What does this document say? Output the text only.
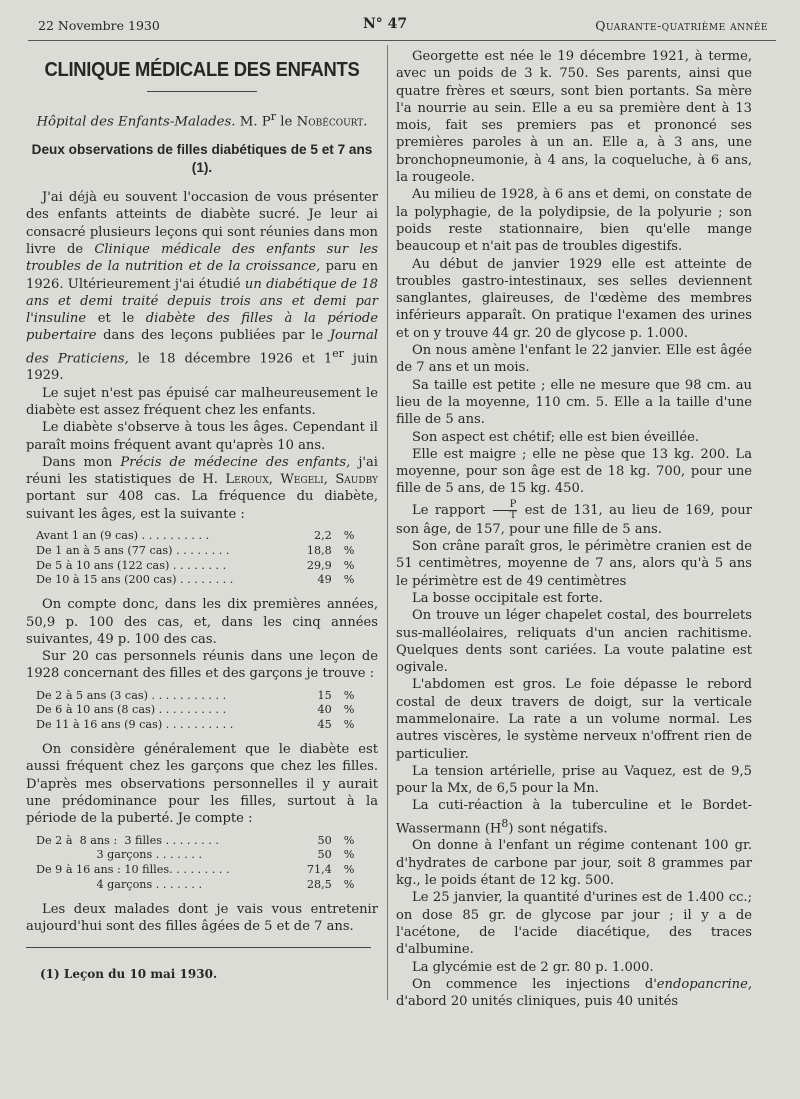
22 Novembre 1930	N° 47	Quarante-quatrième année
CLINIQUE MÉDICALE DES ENFANTS

Hôpital des Enfants-Malades. M. $P^r$ le Nobécourt.

Deux observations de filles diabétiques de 5 et 7 ans (1).

J'ai déjà eu souvent l'occasion de vous présenter des enfants atteints de diabète sucré. Je leur ai consacré plusieurs leçons qui sont réunies dans mon livre de Clinique médicale des enfants sur les troubles de la nutrition et de la croissance, paru en 1926. Ultérieurement j'ai étudié un diabétique de 18 ans et demi traité depuis trois ans et demi par l'insuline et le diabète des filles à la période pubertaire dans des leçons publiées par le Journal des Praticiens, le 18 décembre 1926 et 1er juin 1929.

Le sujet n'est pas épuisé car malheureusement le diabète est assez fréquent chez les enfants.

Le diabète s'observe à tous les âges. Cependant il paraît moins fréquent avant qu'après 10 ans.

Dans mon Précis de médecine des enfants, j'ai réuni les statistiques de H. Leroux, Wegeli, Saudby portant sur 408 cas. La fréquence du diabète, suivant les âges, est la suivante :

Avant 1 an (9 cas) . . . . . . . . . .	2,2	%
De 1 an à 5 ans (77 cas) . . . . . . . .	18,8	%
De 5 à 10 ans (122 cas) . . . . . . . .	29,9	%
De 10 à 15 ans (200 cas) . . . . . . . .	49	%

On compte donc, dans les dix premières années, 50,9 p. 100 des cas, et, dans les cinq années suivantes, 49 p. 100 des cas.

Sur 20 cas personnels réunis dans une leçon de 1928 concernant des filles et des garçons je trouve :

De 2 à 5 ans (3 cas) . . . . . . . . . . .	15	%
De 6 à 10 ans (8 cas) . . . . . . . . . .	40	%
De 11 à 16 ans (9 cas) . . . . . . . . . .	45	%

On considère généralement que le diabète est aussi fréquent chez les garçons que chez les filles. D'après mes observations personnelles il y aurait une prédominance pour les filles, surtout à la période de la puberté. Je compte :

De 2 à  8 ans :  3 filles . . . . . . . .	50	%
3 garçons . . . . . . .	50	%
De 9 à 16 ans : 10 filles. . . . . . . . .	71,4	%
4 garçons . . . . . . .	28,5	%

Les deux malades dont je vais vous entretenir aujourd'hui sont des filles âgées de 5 et de 7 ans.

(1) Leçon du 10 mai 1930.

Georgette est née le 19 décembre 1921, à terme, avec un poids de 3 k. 750. Ses parents, ainsi que quatre frères et sœurs, sont bien portants. Sa mère l'a nourrie au sein. Elle a eu sa première dent à 13 mois, fait ses premiers pas et prononcé ses premières paroles à un an. Elle a, à 3 ans, une bronchopneumonie, à 4 ans, la coqueluche, à 6 ans, la rougeole.

Au milieu de 1928, à 6 ans et demi, on constate de la polyphagie, de la polydipsie, de la polyurie ; son poids reste stationnaire, bien qu'elle mange beaucoup et n'ait pas de troubles digestifs.

Au début de janvier 1929 elle est atteinte de troubles gastro-intestinaux, ses selles deviennent sanglantes, glaireuses, de l'œdème des membres inférieurs apparaît. On pratique l'examen des urines et on y trouve 44 gr. 20 de glycose p. 1.000.

On nous amène l'enfant le 22 janvier. Elle est âgée de 7 ans et un mois.

Sa taille est petite ; elle ne mesure que 98 cm. au lieu de la moyenne, 110 cm. 5. Elle a la taille d'une fille de 5 ans.

Son aspect est chétif; elle est bien éveillée.

Elle est maigre ; elle ne pèse que 13 kg. 200. La moyenne, pour son âge est de 18 kg. 700, pour une fille de 5 ans, de 15 kg. 450.

Le rapport $\frac{P}{T}$ est de 131, au lieu de 169, pour son âge, de 157, pour une fille de 5 ans.

Son crâne paraît gros, le périmètre cranien est de 51 centimètres, moyenne de 7 ans, alors qu'à 5 ans le périmètre est de 49 centimètres

La bosse occipitale est forte.

On trouve un léger chapelet costal, des bourrelets sus-malléolaires, reliquats d'un ancien rachitisme. Quelques dents sont cariées. La voute palatine est ogivale.

L'abdomen est gros. Le foie dépasse le rebord costal de deux travers de doigt, sur la verticale mammelonaire. La rate a un volume normal. Les autres viscères, le système nerveux n'offrent rien de particulier.

La tension artérielle, prise au Vaquez, est de 9,5 pour la Mx, de 6,5 pour la Mn.

La cuti-réaction à la tuberculine et le Bordet-Wassermann $(H^8)$ sont négatifs.

On donne à l'enfant un régime contenant 100 gr. d'hydrates de carbone par jour, soit 8 grammes par kg., le poids étant de 12 kg. 500.

Le 25 janvier, la quantité d'urines est de 1.400 cc.; on dose 85 gr. de glycose par jour ; il y a de l'acétone, de l'acide diacétique, des traces d'albumine.

La glycémie est de 2 gr. 80 p. 1.000.

On commence les injections d'endopancrine, d'abord 20 unités cliniques, puis 40 unités
